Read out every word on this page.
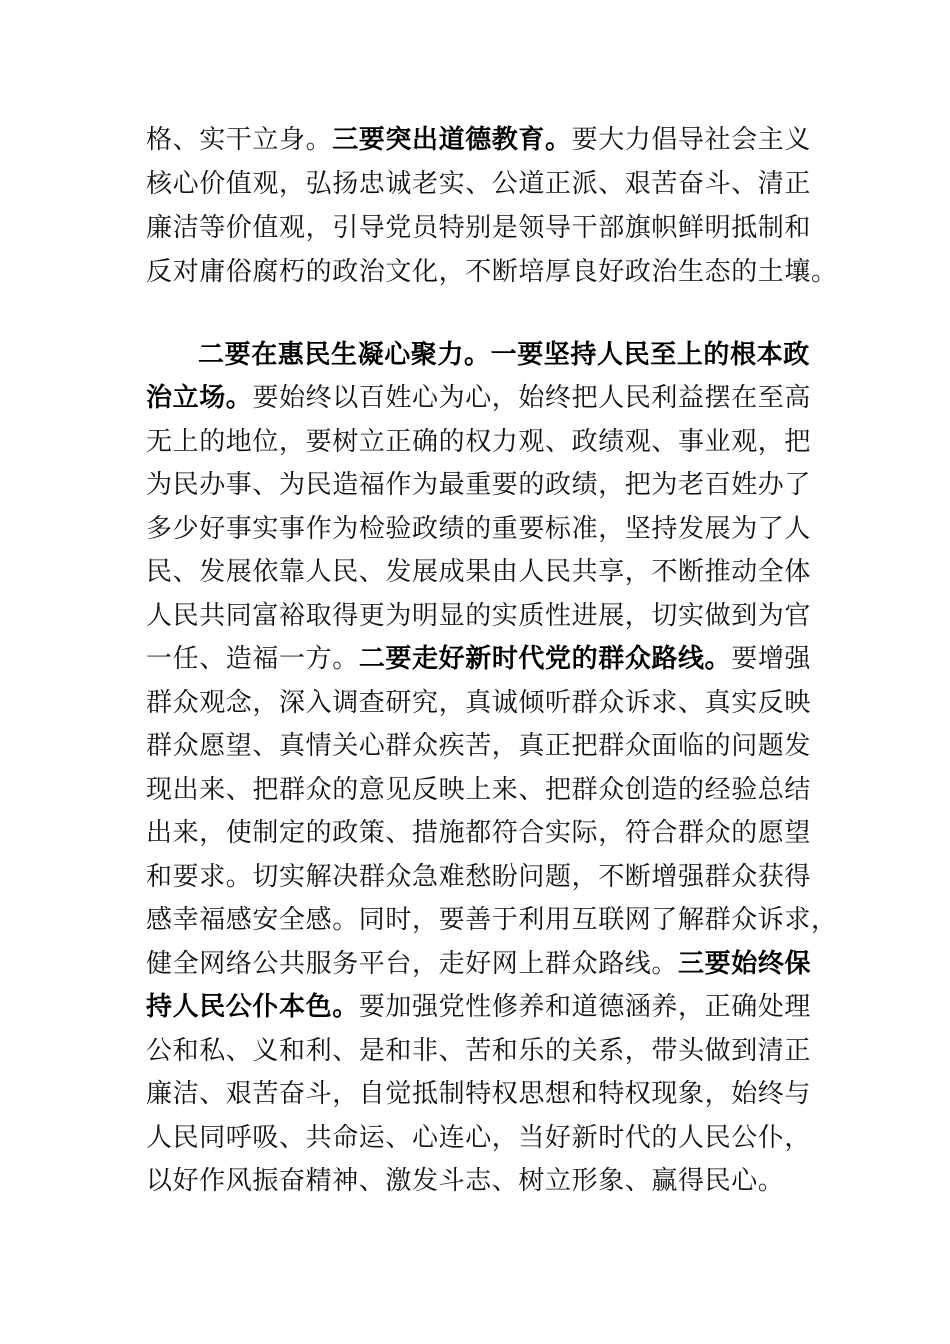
格、实干立身。三要突出道德教育。要大力倡导社会主义
核心价值观，弘扬忠诚老实、公道正派、艰苦奋斗、清正
廉洁等价值观，引导党员特别是领导干部旗帜鲜明抵制和
反对庸俗腐朽的政治文化，不断培厚良好政治生态的土壤。
二要在惠民生凝心聚力。一要坚持人民至上的根本政
治立场。要始终以百姓心为心，始终把人民利益摆在至高
无上的地位，要树立正确的权力观、政绩观、事业观，把
为民办事、为民造福作为最重要的政绩，把为老百姓办了
多少好事实事作为检验政绩的重要标准，坚持发展为了人
民、发展依靠人民、发展成果由人民共享，不断推动全体
人民共同富裕取得更为明显的实质性进展，切实做到为官
一任、造福一方。二要走好新时代党的群众路线。要增强
群众观念，深入调查研究，真诚倾听群众诉求、真实反映
群众愿望、真情关心群众疾苦，真正把群众面临的问题发
现出来、把群众的意见反映上来、把群众创造的经验总结
出来，使制定的政策、措施都符合实际，符合群众的愿望
和要求。切实解决群众急难愁盼问题，不断增强群众获得
感幸福感安全感。同时，要善于利用互联网了解群众诉求，
健全网络公共服务平台，走好网上群众路线。三要始终保
持人民公仆本色。要加强党性修养和道德涵养，正确处理
公和私、义和利、是和非、苦和乐的关系，带头做到清正
廉洁、艰苦奋斗，自觉抵制特权思想和特权现象，始终与
人民同呼吸、共命运、心连心，当好新时代的人民公仆，
以好作风振奋精神、激发斗志、树立形象、赢得民心。
